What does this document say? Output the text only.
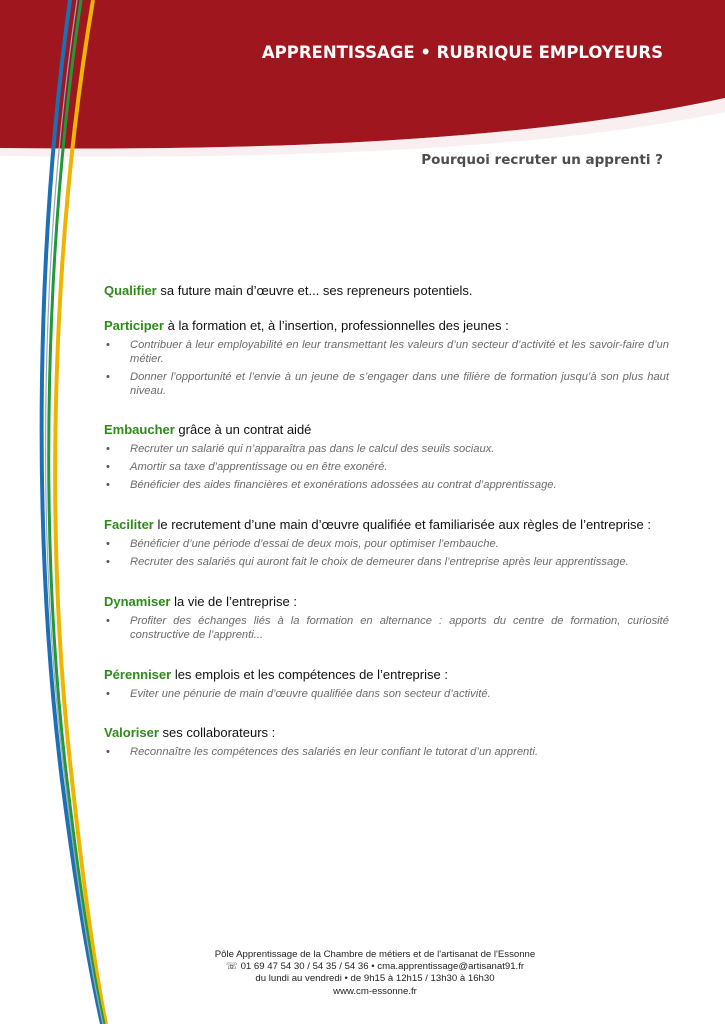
APPRENTISSAGE • RUBRIQUE EMPLOYEURS
Pourquoi recruter un apprenti ?
Qualifier sa future main d’œuvre et... ses repreneurs potentiels.
Participer à la formation et, à l’insertion, professionnelles des jeunes :
• Contribuer à leur employabilité en leur transmettant les valeurs d’un secteur d’activité et les savoir-faire d’un métier.
• Donner l’opportunité et l’envie à un jeune de s’engager dans une filière de formation jusqu’à son plus haut niveau.
Embaucher grâce à un contrat aidé
• Recruter un salarié qui n’apparaîtra pas dans le calcul des seuils sociaux.
• Amortir sa taxe d’apprentissage ou en être exonéré.
• Bénéficier des aides financières et exonérations adossées au contrat d’apprentissage.
Faciliter le recrutement d’une main d’œuvre qualifiée et familiarisée aux règles de l’entreprise :
• Bénéficier d’une période d’essai de deux mois, pour optimiser l’embauche.
• Recruter des salariés qui auront fait le choix de demeurer dans l’entreprise après leur apprentissage.
Dynamiser la vie de l’entreprise :
• Profiter des échanges liés à la formation en alternance : apports du centre de formation, curiosité constructive de l’apprenti...
Pérenniser les emplois et les compétences de l’entreprise :
• Eviter une pénurie de main d’œuvre qualifiée dans son secteur d’activité.
Valoriser ses collaborateurs :
• Reconnaître les compétences des salariés en leur confiant le tutorat d’un apprenti.
Pôle Apprentissage de la Chambre de métiers et de l'artisanat de l'Essonne
☏ 01 69 47 54 30 / 54 35 / 54 36 • cma.apprentissage@artisanat91.fr
du lundi au vendredi • de 9h15 à 12h15 / 13h30 à 16h30
www.cm-essonne.fr
